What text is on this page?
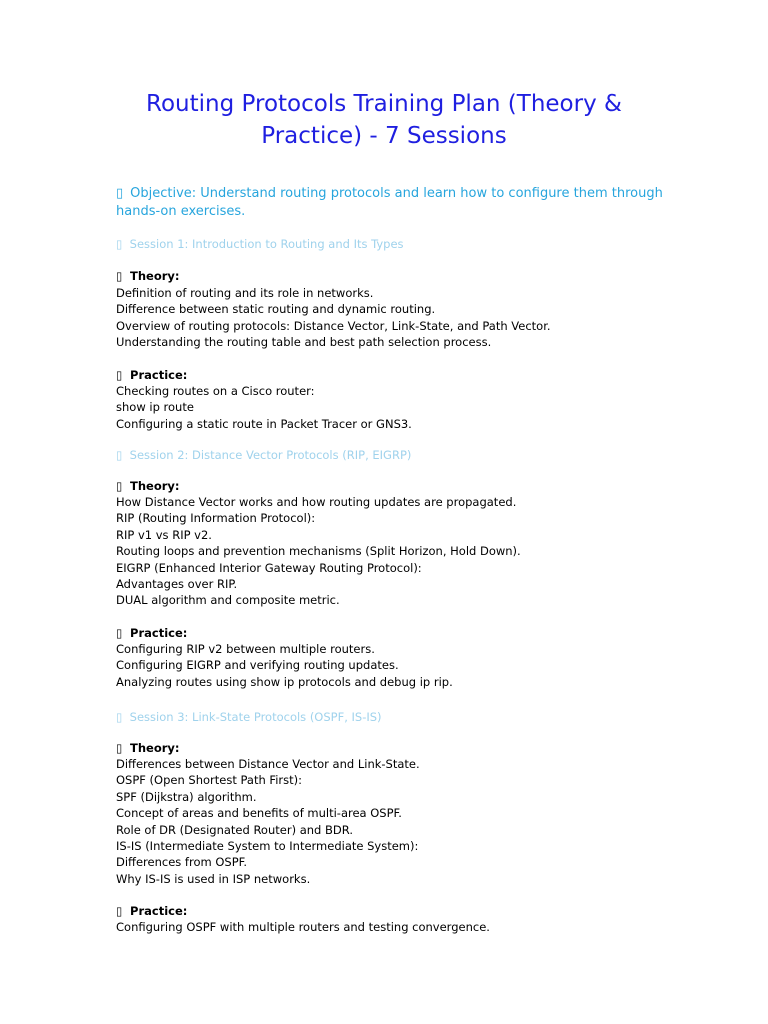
Routing Protocols Training Plan (Theory & Practice) - 7 Sessions
▯ Objective: Understand routing protocols and learn how to configure them through hands-on exercises.
▯ Session 1: Introduction to Routing and Its Types
▯ Theory:
Definition of routing and its role in networks.
Difference between static routing and dynamic routing.
Overview of routing protocols: Distance Vector, Link-State, and Path Vector.
Understanding the routing table and best path selection process.
▯ Practice:
Checking routes on a Cisco router:
show ip route
Configuring a static route in Packet Tracer or GNS3.
▯ Session 2: Distance Vector Protocols (RIP, EIGRP)
▯ Theory:
How Distance Vector works and how routing updates are propagated.
RIP (Routing Information Protocol):
RIP v1 vs RIP v2.
Routing loops and prevention mechanisms (Split Horizon, Hold Down).
EIGRP (Enhanced Interior Gateway Routing Protocol):
Advantages over RIP.
DUAL algorithm and composite metric.
▯ Practice:
Configuring RIP v2 between multiple routers.
Configuring EIGRP and verifying routing updates.
Analyzing routes using show ip protocols and debug ip rip.
▯ Session 3: Link-State Protocols (OSPF, IS-IS)
▯ Theory:
Differences between Distance Vector and Link-State.
OSPF (Open Shortest Path First):
SPF (Dijkstra) algorithm.
Concept of areas and benefits of multi-area OSPF.
Role of DR (Designated Router) and BDR.
IS-IS (Intermediate System to Intermediate System):
Differences from OSPF.
Why IS-IS is used in ISP networks.
▯ Practice:
Configuring OSPF with multiple routers and testing convergence.
